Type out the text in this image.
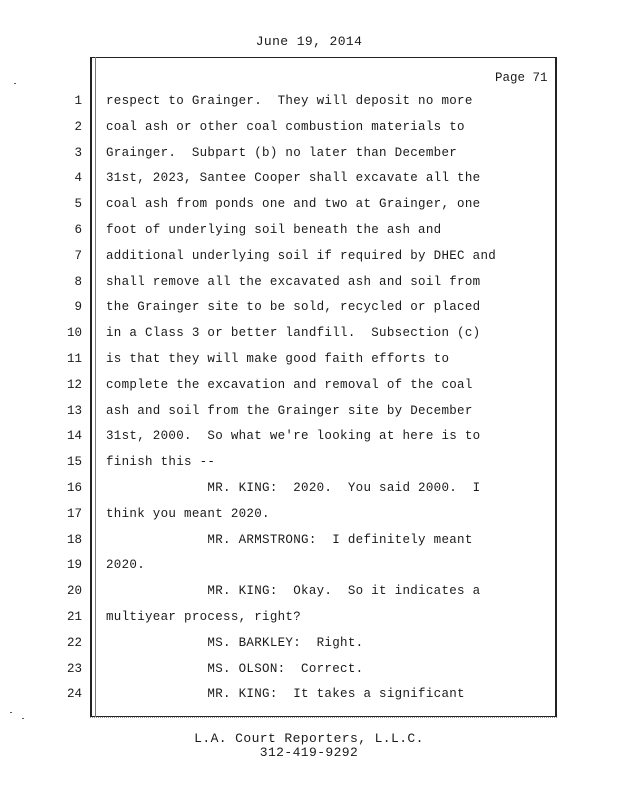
June 19, 2014
Page 71
1 respect to Grainger.  They will deposit no more
2 coal ash or other coal combustion materials to
3 Grainger.  Subpart (b) no later than December
4 31st, 2023, Santee Cooper shall excavate all the
5 coal ash from ponds one and two at Grainger, one
6 foot of underlying soil beneath the ash and
7 additional underlying soil if required by DHEC and
8 shall remove all the excavated ash and soil from
9 the Grainger site to be sold, recycled or placed
10 in a Class 3 or better landfill.  Subsection (c)
11 is that they will make good faith efforts to
12 complete the excavation and removal of the coal
13 ash and soil from the Grainger site by December
14 31st, 2000.  So what we're looking at here is to
15 finish this --
16 MR. KING:  2020.  You said 2000.  I
17 think you meant 2020.
18 MR. ARMSTRONG:  I definitely meant
19 2020.
20 MR. KING:  Okay.  So it indicates a
21 multiyear process, right?
22 MS. BARKLEY:  Right.
23 MS. OLSON:  Correct.
24 MR. KING:  It takes a significant
L.A. Court Reporters, L.L.C.
312-419-9292
